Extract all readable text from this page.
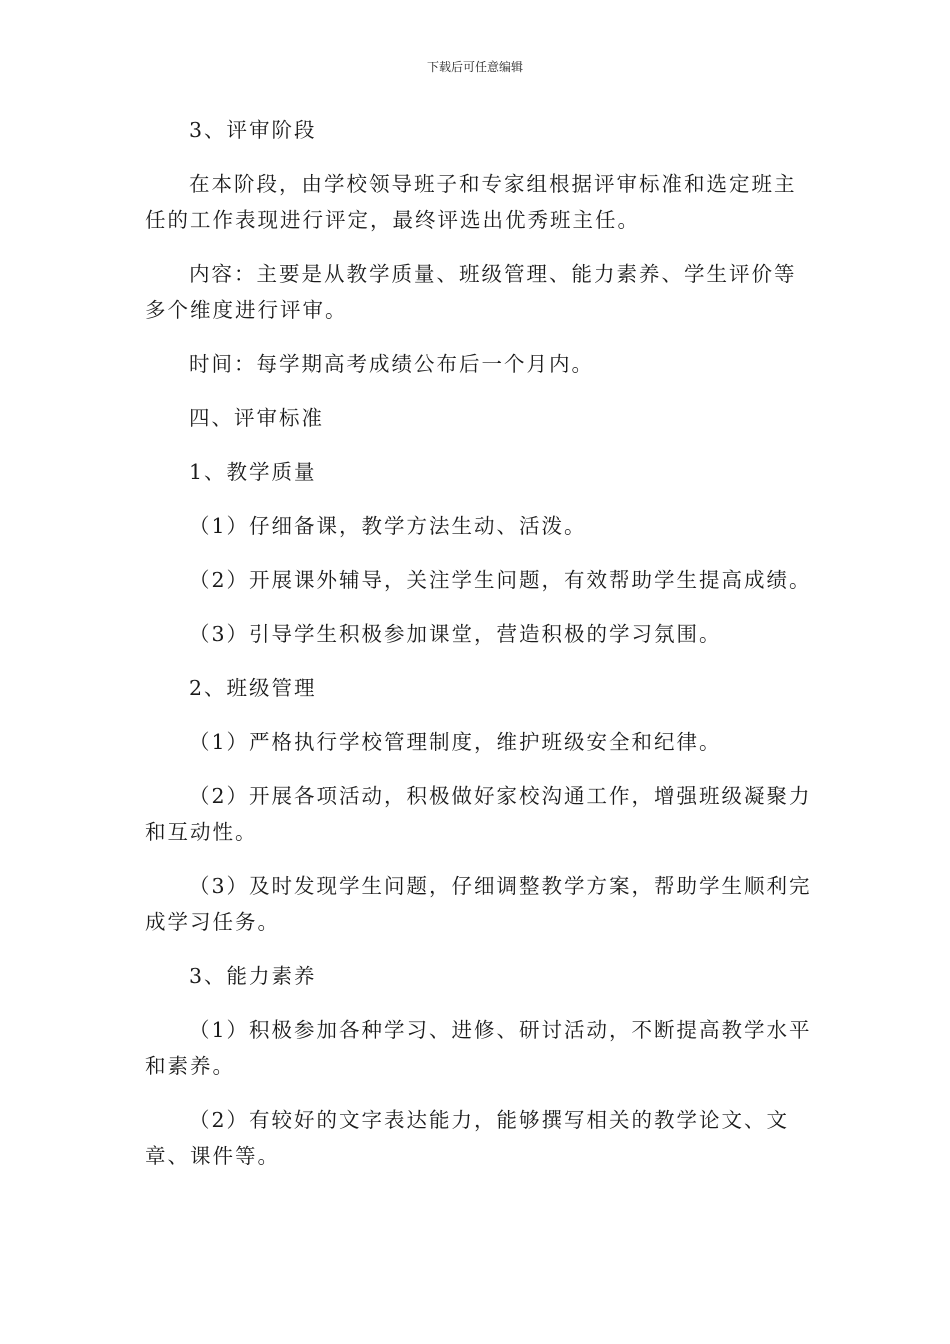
下载后可任意编辑

3、评审阶段

在本阶段，由学校领导班子和专家组根据评审标准和选定班主任的工作表现进行评定，最终评选出优秀班主任。

内容：主要是从教学质量、班级管理、能力素养、学生评价等多个维度进行评审。

时间：每学期高考成绩公布后一个月内。

四、评审标准

1、教学质量

（1）仔细备课，教学方法生动、活泼。

（2）开展课外辅导，关注学生问题，有效帮助学生提高成绩。

（3）引导学生积极参加课堂，营造积极的学习氛围。

2、班级管理

（1）严格执行学校管理制度，维护班级安全和纪律。

（2）开展各项活动，积极做好家校沟通工作，增强班级凝聚力和互动性。

（3）及时发现学生问题，仔细调整教学方案，帮助学生顺利完成学习任务。

3、能力素养

（1）积极参加各种学习、进修、研讨活动，不断提高教学水平和素养。

（2）有较好的文字表达能力，能够撰写相关的教学论文、文章、课件等。
